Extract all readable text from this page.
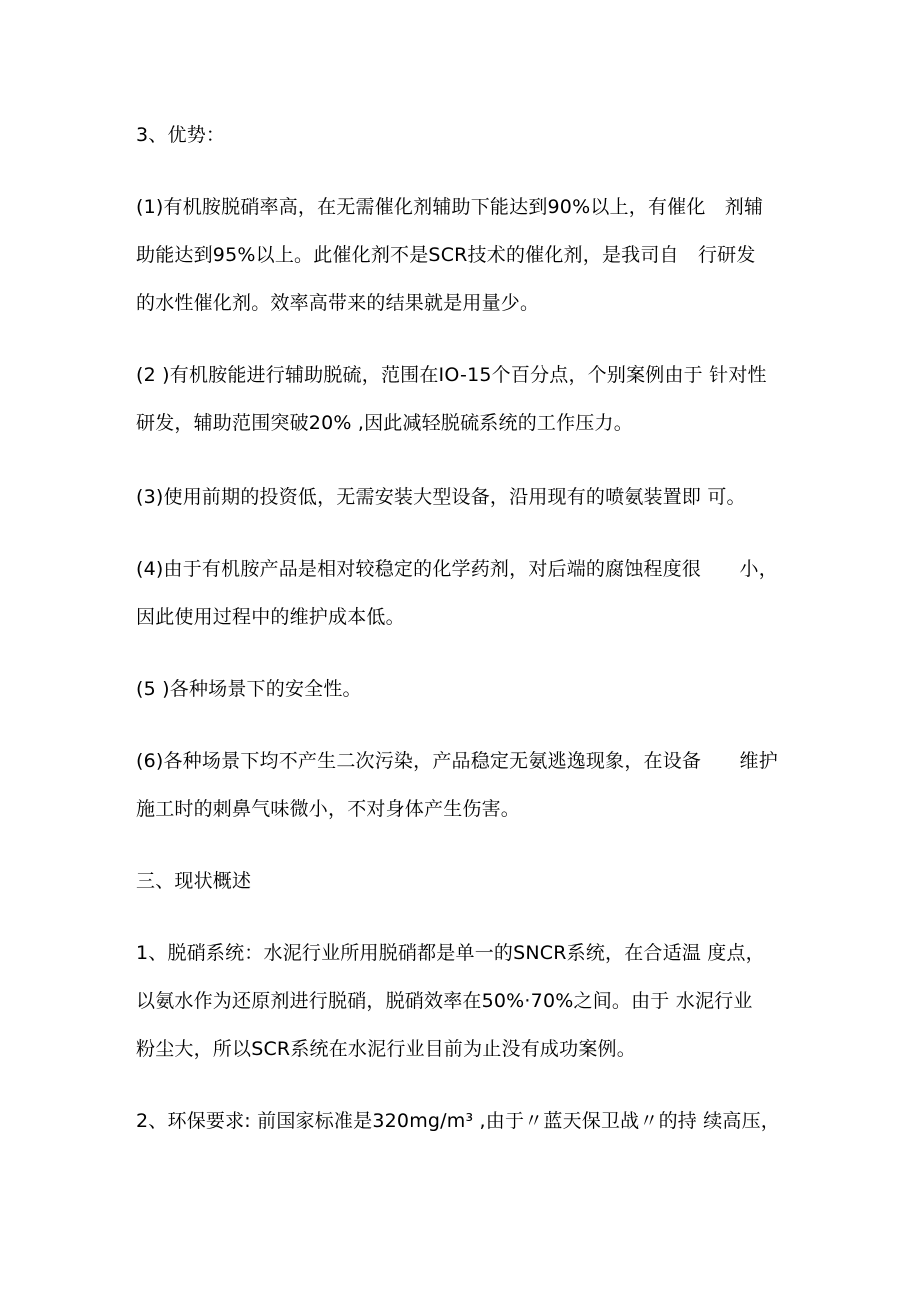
3、优势：
(1)有机胺脱硝率高，在无需催化剂辅助下能达到90%以上，有催化　剂辅
助能达到95%以上。此催化剂不是SCR技术的催化剂，是我司自　行研发
的水性催化剂。效率高带来的结果就是用量少。
(2 )有机胺能进行辅助脱硫，范围在IO-15个百分点，个别案例由于 针对性
研发，辅助范围突破20% ,因此减轻脱硫系统的工作压力。
(3)使用前期的投资低，无需安装大型设备，沿用现有的喷氨装置即 可。
(4)由于有机胺产品是相对较稳定的化学药剂，对后端的腐蚀程度很　　小，
因此使用过程中的维护成本低。
(5 )各种场景下的安全性。
(6)各种场景下均不产生二次污染，产品稳定无氨逃逸现象，在设备　　维护
施工时的刺鼻气味微小，不对身体产生伤害。
三、现状概述
1、脱硝系统：水泥行业所用脱硝都是单一的SNCR系统，在合适温 度点，
以氨水作为还原剂进行脱硝，脱硝效率在50%·70%之间。由于 水泥行业
粉尘大，所以SCR系统在水泥行业目前为止没有成功案例。
2、环保要求: 前国家标准是320mg∕m³ ,由于〃蓝天保卫战〃的持 续高压，
